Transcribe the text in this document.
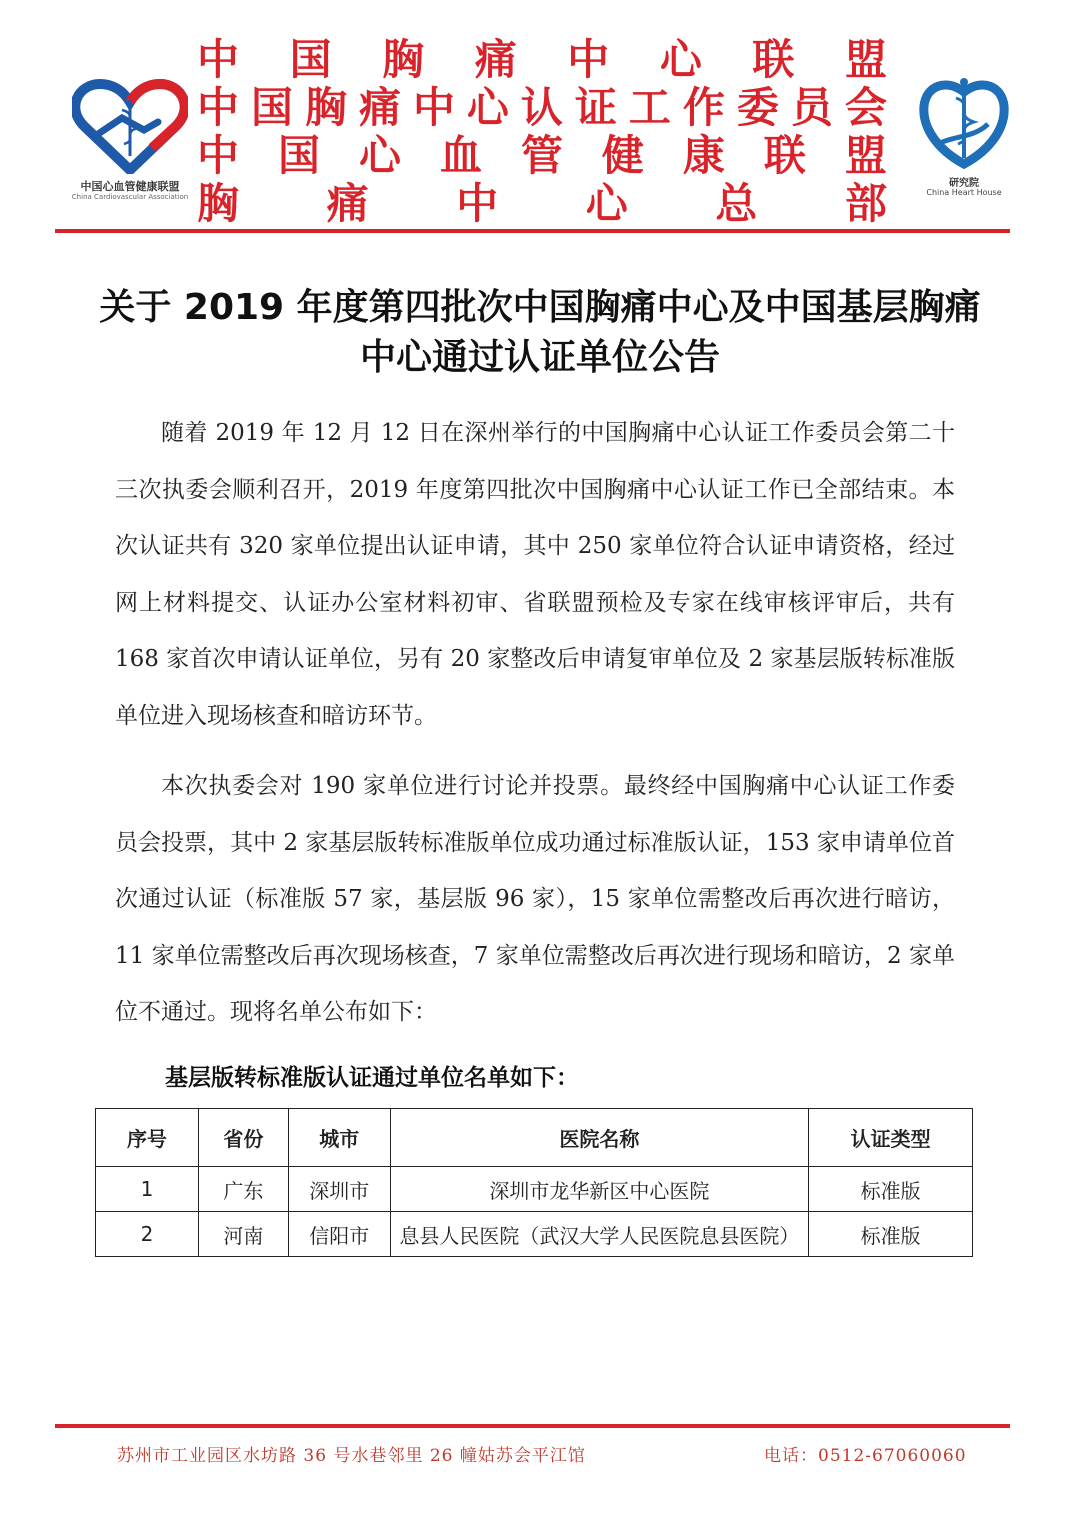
中国心血管健康联盟
China Cardiovascular Association
中 国 胸 痛 中 心 联 盟
中 国 胸 痛 中 心 认 证 工 作 委 员 会
中 国 心 血 管 健 康 联 盟
胸 痛 中 心 总 部	研究院
China Heart House
关于 2019 年度第四批次中国胸痛中心及中国基层胸痛中心通过认证单位公告
随着 2019 年 12 月 12 日在深州举行的中国胸痛中心认证工作委员会第二十三次执委会顺利召开，2019 年度第四批次中国胸痛中心认证工作已全部结束。本次认证共有 320 家单位提出认证申请，其中 250 家单位符合认证申请资格，经过网上材料提交、认证办公室材料初审、省联盟预检及专家在线审核评审后，共有 168 家首次申请认证单位，另有 20 家整改后申请复审单位及 2 家基层版转标准版单位进入现场核查和暗访环节。
本次执委会对 190 家单位进行讨论并投票。最终经中国胸痛中心认证工作委员会投票，其中 2 家基层版转标准版单位成功通过标准版认证，153 家申请单位首次通过认证（标准版 57 家，基层版 96 家），15 家单位需整改后再次进行暗访，11 家单位需整改后再次现场核查，7 家单位需整改后再次进行现场和暗访，2 家单位不通过。现将名单公布如下：
基层版转标准版认证通过单位名单如下：
序号	省份	城市	医院名称	认证类型
1	广东	深圳市	深圳市龙华新区中心医院	标准版
2	河南	信阳市	息县人民医院（武汉大学人民医院息县医院）	标准版
苏州市工业园区水坊路 36 号水巷邻里 26 幢姑苏会平江馆	电话：0512-67060060
